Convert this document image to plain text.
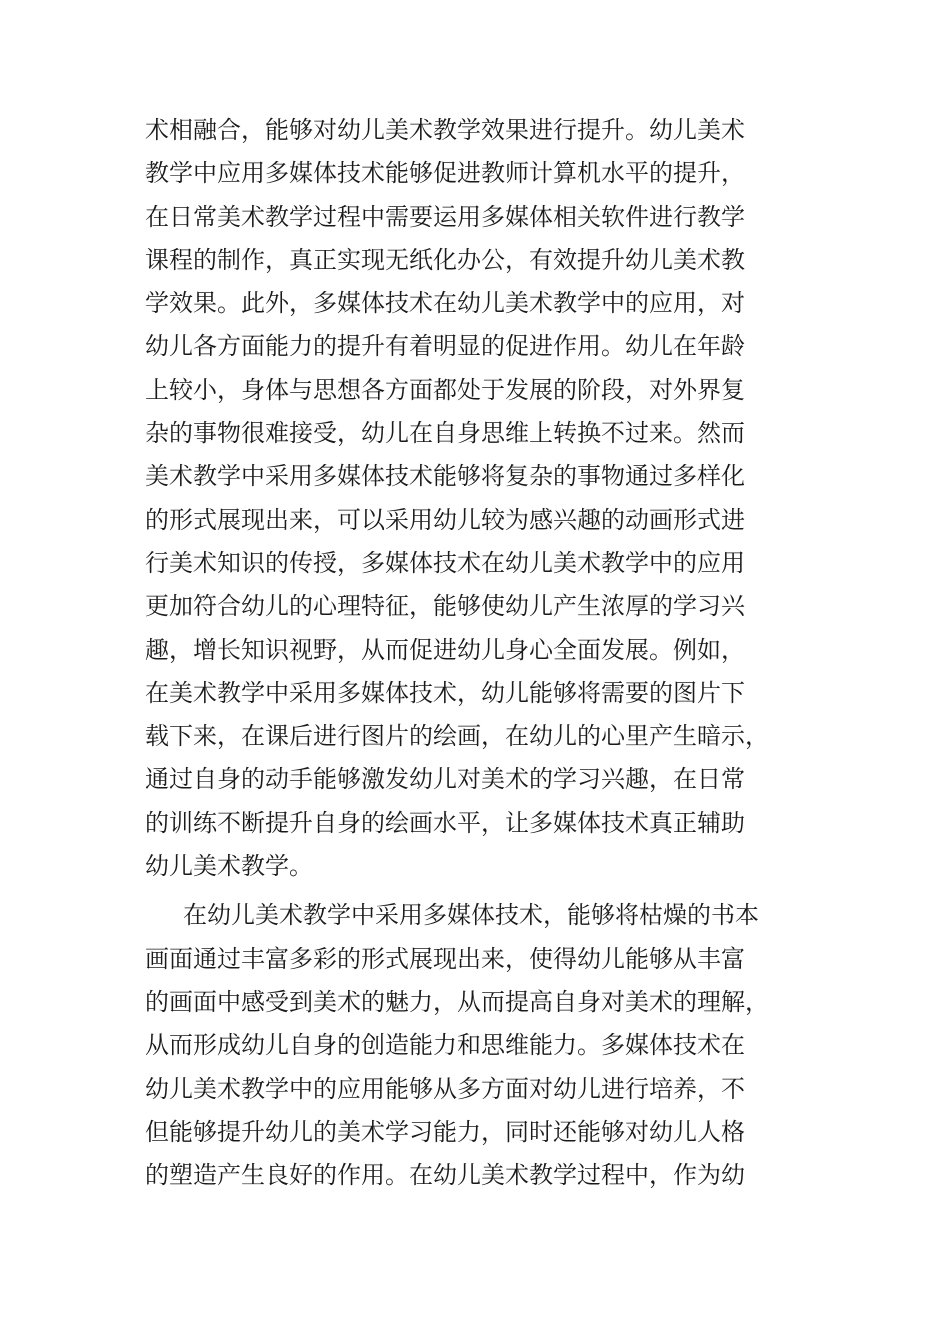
术相融合，能够对幼儿美术教学效果进行提升。幼儿美术
教学中应用多媒体技术能够促进教师计算机水平的提升，
在日常美术教学过程中需要运用多媒体相关软件进行教学
课程的制作，真正实现无纸化办公，有效提升幼儿美术教
学效果。此外，多媒体技术在幼儿美术教学中的应用，对
幼儿各方面能力的提升有着明显的促进作用。幼儿在年龄
上较小，身体与思想各方面都处于发展的阶段，对外界复
杂的事物很难接受，幼儿在自身思维上转换不过来。然而
美术教学中采用多媒体技术能够将复杂的事物通过多样化
的形式展现出来，可以采用幼儿较为感兴趣的动画形式进
行美术知识的传授，多媒体技术在幼儿美术教学中的应用
更加符合幼儿的心理特征，能够使幼儿产生浓厚的学习兴
趣，增长知识视野，从而促进幼儿身心全面发展。例如，
在美术教学中采用多媒体技术，幼儿能够将需要的图片下
载下来，在课后进行图片的绘画，在幼儿的心里产生暗示，
通过自身的动手能够激发幼儿对美术的学习兴趣，在日常
的训练不断提升自身的绘画水平，让多媒体技术真正辅助
幼儿美术教学。
在幼儿美术教学中采用多媒体技术，能够将枯燥的书本
画面通过丰富多彩的形式展现出来，使得幼儿能够从丰富
的画面中感受到美术的魅力，从而提高自身对美术的理解，
从而形成幼儿自身的创造能力和思维能力。多媒体技术在
幼儿美术教学中的应用能够从多方面对幼儿进行培养，不
但能够提升幼儿的美术学习能力，同时还能够对幼儿人格
的塑造产生良好的作用。在幼儿美术教学过程中，作为幼
